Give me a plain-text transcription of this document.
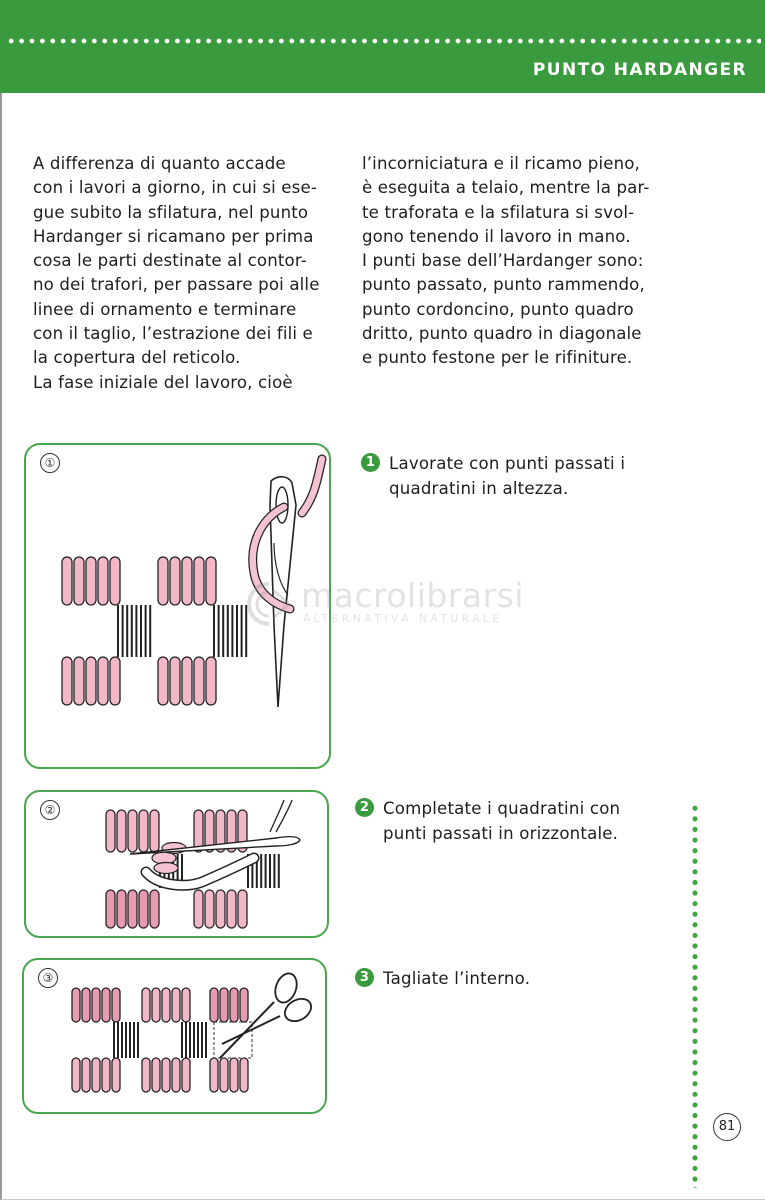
PUNTO HARDANGER
A differenza di quanto accade
con i lavori a giorno, in cui si ese-
gue subito la sfilatura, nel punto
Hardanger si ricamano per prima
cosa le parti destinate al contor-
no dei trafori, per passare poi alle
linee di ornamento e terminare
con il taglio, l’estrazione dei fili e
la copertura del reticolo.
La fase iniziale del lavoro, cioè
l’incorniciatura e il ricamo pieno,
è eseguita a telaio, mentre la par-
te traforata e la sfilatura si svol-
gono tenendo il lavoro in mano.
I punti base dell’Hardanger sono:
punto passato, punto rammendo,
punto cordoncino, punto quadro
dritto, punto quadro in diagonale
e punto festone per le rifiniture.
①
②
③
1 Lavorate con punti passati i
quadratini in altezza.
2 Completate i quadratini con
punti passati in orizzontale.
3 Tagliate l’interno.
macrolibrarsi
ALTERNATIVA NATURALE
81
